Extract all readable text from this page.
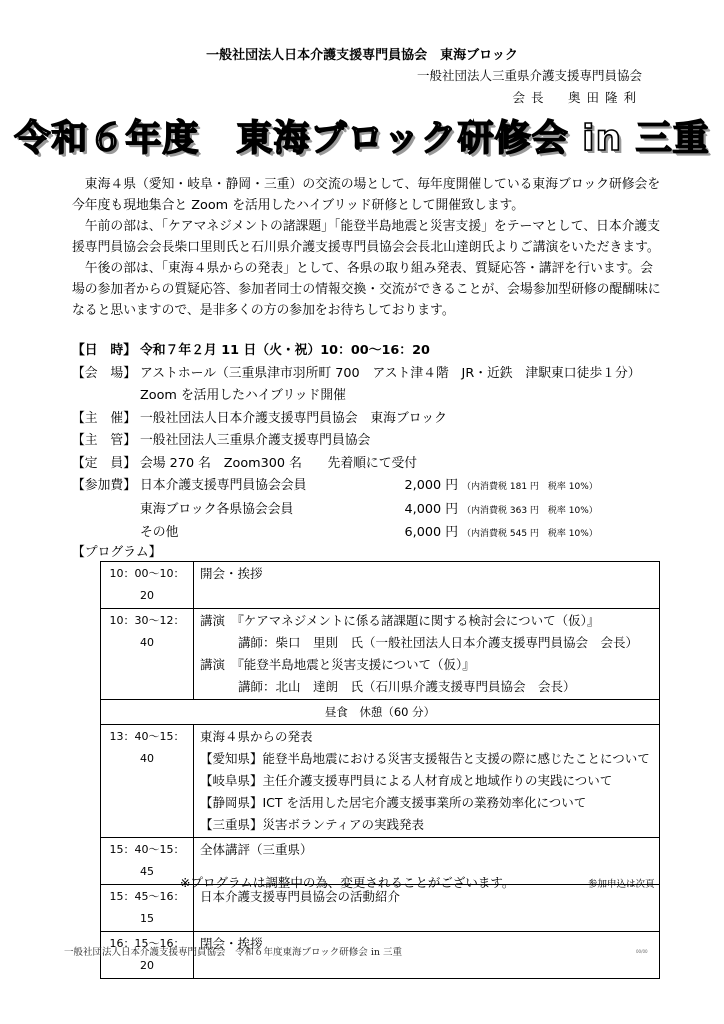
一般社団法人日本介護支援専門員協会　東海ブロック
一般社団法人三重県介護支援専門員協会
会長　奥田隆利
令和６年度　東海ブロック研修会 in 三重

東海４県（愛知・岐阜・静岡・三重）の交流の場として、毎年度開催している東海ブロック研修会を今年度も現地集合と Zoom を活用したハイブリッド研修として開催致します。

午前の部は、「ケアマネジメントの諸課題」「能登半島地震と災害支援」をテーマとして、日本介護支援専門員協会会長柴口里則氏と石川県介護支援専門員協会会長北山達朗氏よりご講演をいただきます。

午後の部は、「東海４県からの発表」として、各県の取り組み発表、質疑応答・講評を行います。会場の参加者からの質疑応答、参加者同士の情報交換・交流ができることが、会場参加型研修の醍醐味になると思いますので、是非多くの方の参加をお待ちしております。

【日　時】 令和７年２月 11 日（火・祝）10：00～16：20
【会　場】 アストホール（三重県津市羽所町 700　アスト津４階　JR・近鉄　津駅東口徒歩１分）
Zoom を活用したハイブリッド開催
【主　催】 一般社団法人日本介護支援専門員協会　東海ブロック
【主　管】 一般社団法人三重県介護支援専門員協会
【定　員】 会場 270 名　Zoom300 名　　先着順にて受付
【参加費】 日本介護支援専門員協会会員	2,000 円 （内消費税 181 円　税率 10%）
東海ブロック各県協会会員	4,000 円 （内消費税 363 円　税率 10%）
その他	6,000 円 （内消費税 545 円　税率 10%）
【プログラム】
10：00～10：20	開会・挨拶
10：30～12：40	講演　 『ケアマネジメントに係る諸課題に関する検討会について（仮）』
講師：柴口　里則　氏（一般社団法人日本介護支援専門員協会　会長）
講演　 『能登半島地震と災害支援について（仮）』
講師：北山　達朗　氏（石川県介護支援専門員協会　会長）

昼食　休憩（60 分）	
13：40～15：40	東海４県からの発表
【愛知県】能登半島地震における災害支援報告と支援の際に感じたことについて
【岐阜県】主任介護支援専門員による人材育成と地域作りの実践について
【静岡県】ICT を活用した居宅介護支援事業所の業務効率化について
【三重県】災害ボランティアの実践発表

15：40～15：45	全体講評（三重県）
15：45～16：15	日本介護支援専門員協会の活動紹介
16：15～16：20	閉会・挨拶
※プログラムは調整中の為、変更されることがございます。	参加申込は次頁
一般社団法人日本介護支援専門員協会　令和６年度東海ブロック研修会 in 三重	00/00
